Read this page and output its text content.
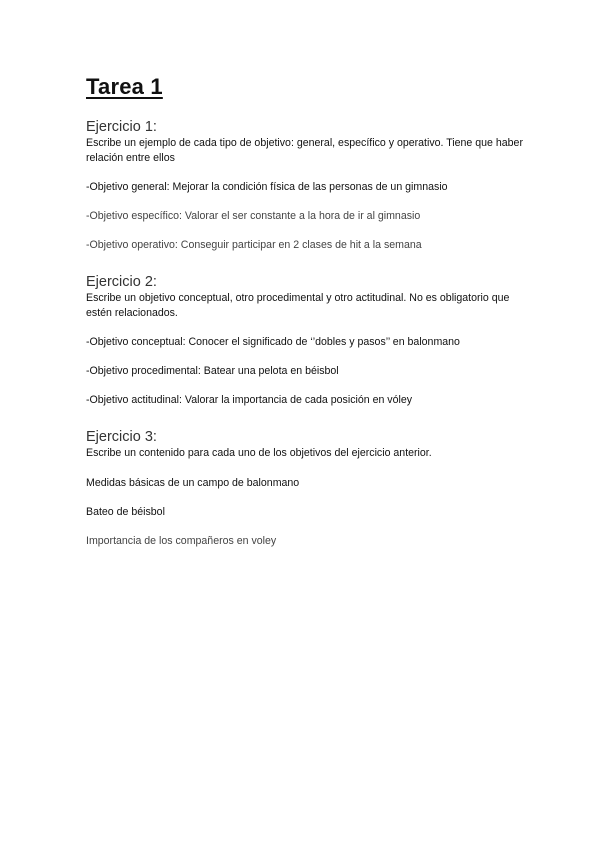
Tarea 1
Ejercicio 1:
Escribe un ejemplo de cada tipo de objetivo: general, específico y operativo. Tiene que haber relación entre ellos
-Objetivo general: Mejorar la condición física de las personas de un gimnasio
-Objetivo específico: Valorar el ser constante a la hora de ir al gimnasio
-Objetivo operativo: Conseguir participar en 2 clases de hit a la semana
Ejercicio 2:
Escribe un objetivo conceptual, otro procedimental y otro actitudinal. No es obligatorio que estén relacionados.
-Objetivo conceptual: Conocer el significado de ‘’dobles y pasos’’ en balonmano
-Objetivo procedimental: Batear una pelota en béisbol
-Objetivo actitudinal: Valorar la importancia de cada posición en vóley
Ejercicio 3:
Escribe un contenido para cada uno de los objetivos del ejercicio anterior.
Medidas básicas de un campo de balonmano
Bateo de béisbol
Importancia de los compañeros en voley
